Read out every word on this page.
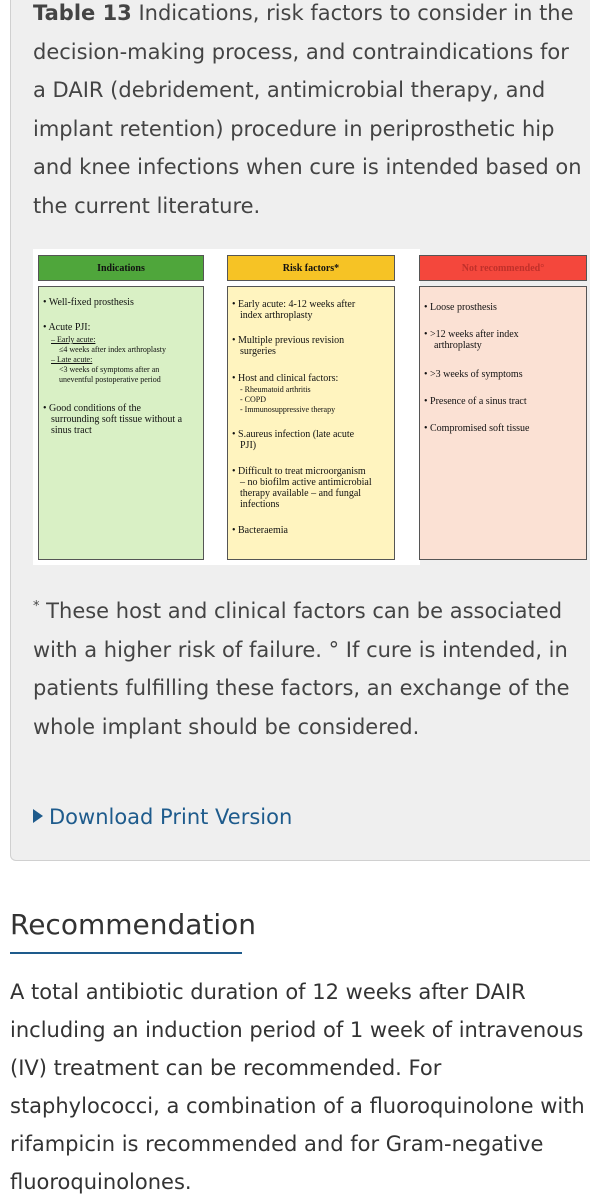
Table 13 Indications, risk factors to consider in the decision-making process, and contraindications for a DAIR (debridement, antimicrobial therapy, and implant retention) procedure in periprosthetic hip and knee infections when cure is intended based on the current literature.
Indications
• Well-fixed prosthesis
• Acute PJI:
– Early acute:
≤4 weeks after index arthroplasty
– Late acute:
<3 weeks of symptoms after an
uneventful postoperative period
• Good conditions of the
surrounding soft tissue without a
sinus tract
Risk factors*
• Early acute: 4-12 weeks after
index arthroplasty
• Multiple previous revision
surgeries
• Host and clinical factors:
- Rheumatoid arthritis
- COPD
- Immunosuppressive therapy
• S.aureus infection (late acute
PJI)
• Difficult to treat microorganism
– no biofilm active antimicrobial
therapy available – and fungal
infections
• Bacteraemia
Not recommended°
• Loose prosthesis
• >12 weeks after index
arthroplasty
• >3 weeks of symptoms
• Presence of a sinus tract
• Compromised soft tissue
* These host and clinical factors can be associated with a higher risk of failure. ° If cure is intended, in patients fulfilling these factors, an exchange of the whole implant should be considered.
Download Print Version
Recommendation
A total antibiotic duration of 12 weeks after DAIR including an induction period of 1 week of intravenous (IV) treatment can be recommended. For staphylococci, a combination of a fluoroquinolone with rifampicin is recommended and for Gram-negative fluoroquinolones.
